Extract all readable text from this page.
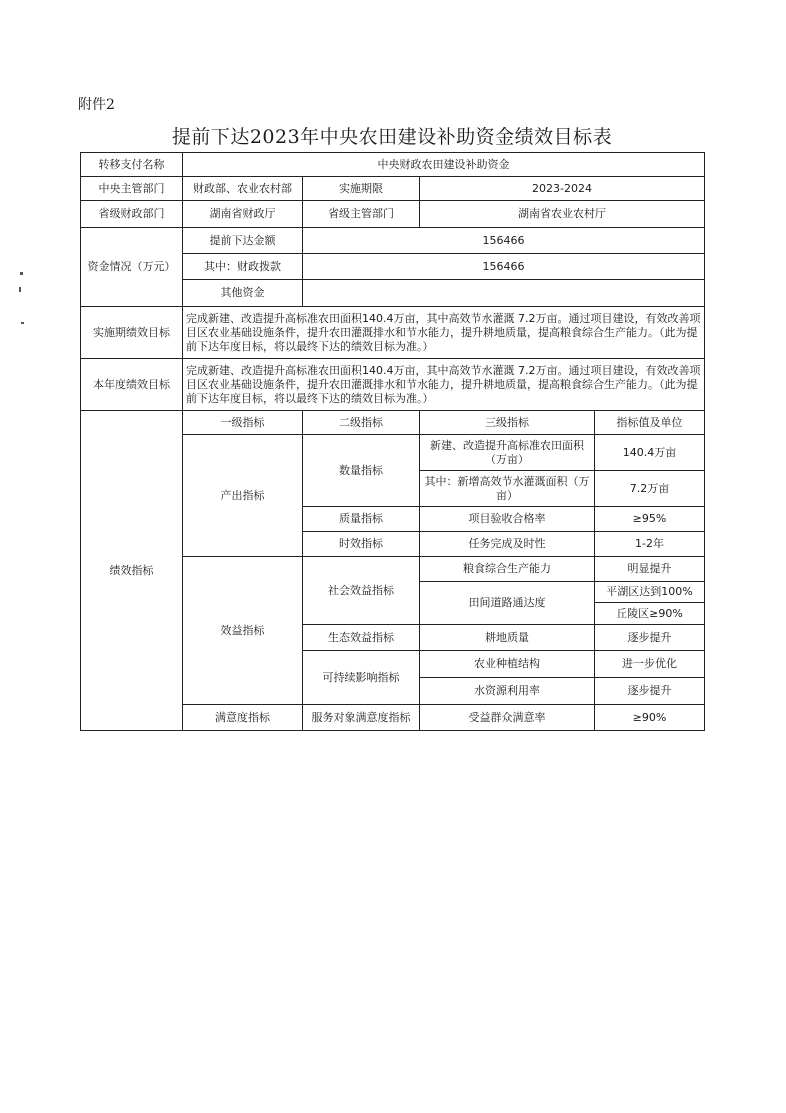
附件2
提前下达2023年中央农田建设补助资金绩效目标表
转移支付名称	中央财政农田建设补助资金			
中央主管部门	财政部、农业农村部	实施期限	2023-2024	
省级财政部门	湖南省财政厅	省级主管部门	湖南省农业农村厅	
资金情况（万元）	提前下达金额	156466		
	其中：财政拨款	156466		
	其他资金			
实施期绩效目标	完成新建、改造提升高标准农田面积140.4万亩，其中高效节水灌溉 7.2万亩。通过项目建设，有效改善项目区农业基础设施条件，提升农田灌溉排水和节水能力，提升耕地质量，提高粮食综合生产能力。（此为提前下达年度目标，将以最终下达的绩效目标为准。）			
本年度绩效目标	完成新建、改造提升高标准农田面积140.4万亩，其中高效节水灌溉 7.2万亩。通过项目建设，有效改善项目区农业基础设施条件，提升农田灌溉排水和节水能力，提升耕地质量，提高粮食综合生产能力。（此为提前下达年度目标，将以最终下达的绩效目标为准。）			
绩效指标	一级指标	二级指标	三级指标	指标值及单位
	产出指标	数量指标	新建、改造提升高标准农田面积（万亩）	140.4万亩
			其中：新增高效节水灌溉面积（万亩）	7.2万亩
		质量指标	项目验收合格率	≥95%
		时效指标	任务完成及时性	1-2年
	效益指标	社会效益指标	粮食综合生产能力	明显提升
			田间道路通达度	平湖区达到100%
				丘陵区≥90%
		生态效益指标	耕地质量	逐步提升
		可持续影响指标	农业种植结构	进一步优化
			水资源利用率	逐步提升
	满意度指标	服务对象满意度指标	受益群众满意率	≥90%
